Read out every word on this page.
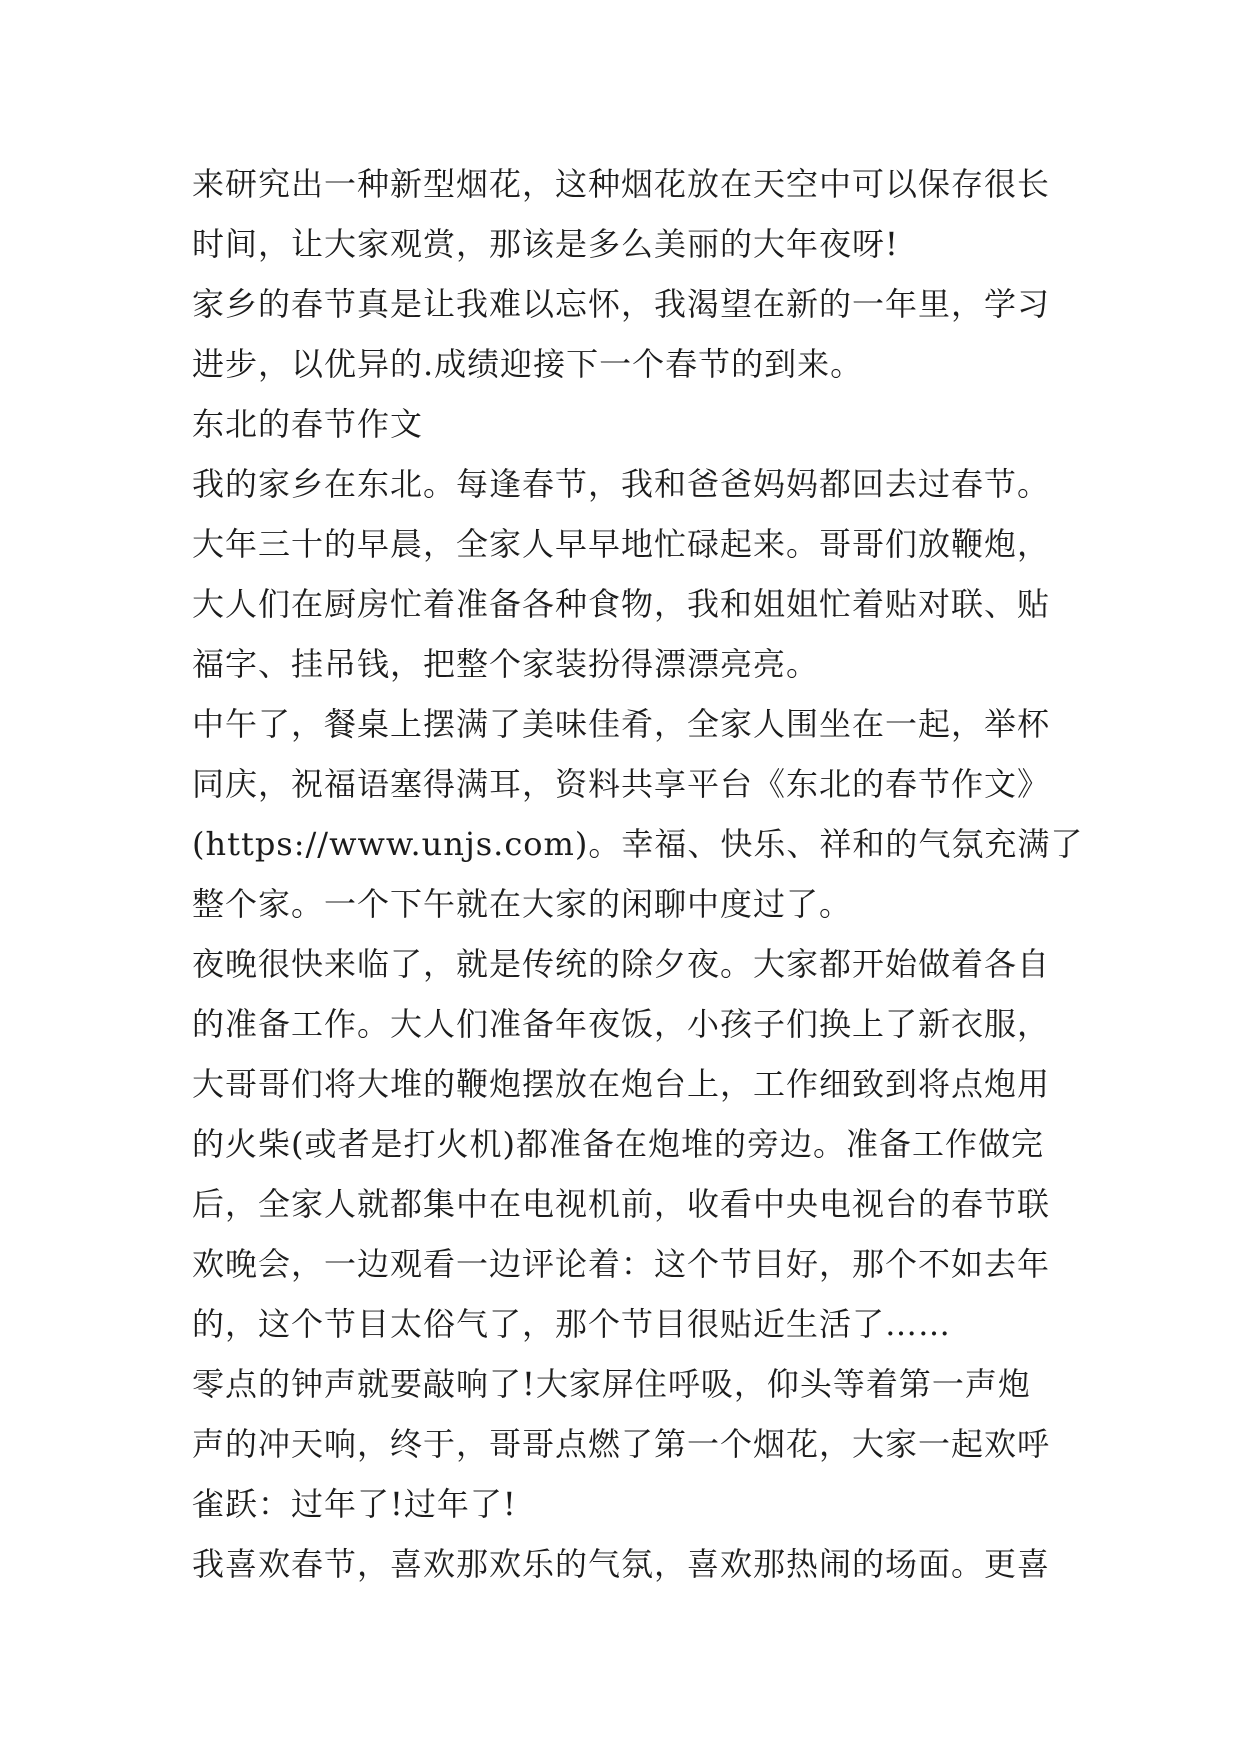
来研究出一种新型烟花，这种烟花放在天空中可以保存很长
时间，让大家观赏，那该是多么美丽的大年夜呀!
家乡的春节真是让我难以忘怀，我渴望在新的一年里，学习
进步，以优异的.成绩迎接下一个春节的到来。
东北的春节作文
我的家乡在东北。每逢春节，我和爸爸妈妈都回去过春节。
大年三十的早晨，全家人早早地忙碌起来。哥哥们放鞭炮，
大人们在厨房忙着准备各种食物，我和姐姐忙着贴对联、贴
福字、挂吊钱，把整个家装扮得漂漂亮亮。
中午了，餐桌上摆满了美味佳肴，全家人围坐在一起，举杯
同庆，祝福语塞得满耳，资料共享平台《东北的春节作文》
(https://www.unjs.com)。幸福、快乐、祥和的气氛充满了
整个家。一个下午就在大家的闲聊中度过了。
夜晚很快来临了，就是传统的除夕夜。大家都开始做着各自
的准备工作。大人们准备年夜饭，小孩子们换上了新衣服，
大哥哥们将大堆的鞭炮摆放在炮台上，工作细致到将点炮用
的火柴(或者是打火机)都准备在炮堆的旁边。准备工作做完
后，全家人就都集中在电视机前，收看中央电视台的春节联
欢晚会，一边观看一边评论着：这个节目好，那个不如去年
的，这个节目太俗气了，那个节目很贴近生活了……
零点的钟声就要敲响了!大家屏住呼吸，仰头等着第一声炮
声的冲天响，终于，哥哥点燃了第一个烟花，大家一起欢呼
雀跃：过年了!过年了!
我喜欢春节，喜欢那欢乐的气氛，喜欢那热闹的场面。更喜
